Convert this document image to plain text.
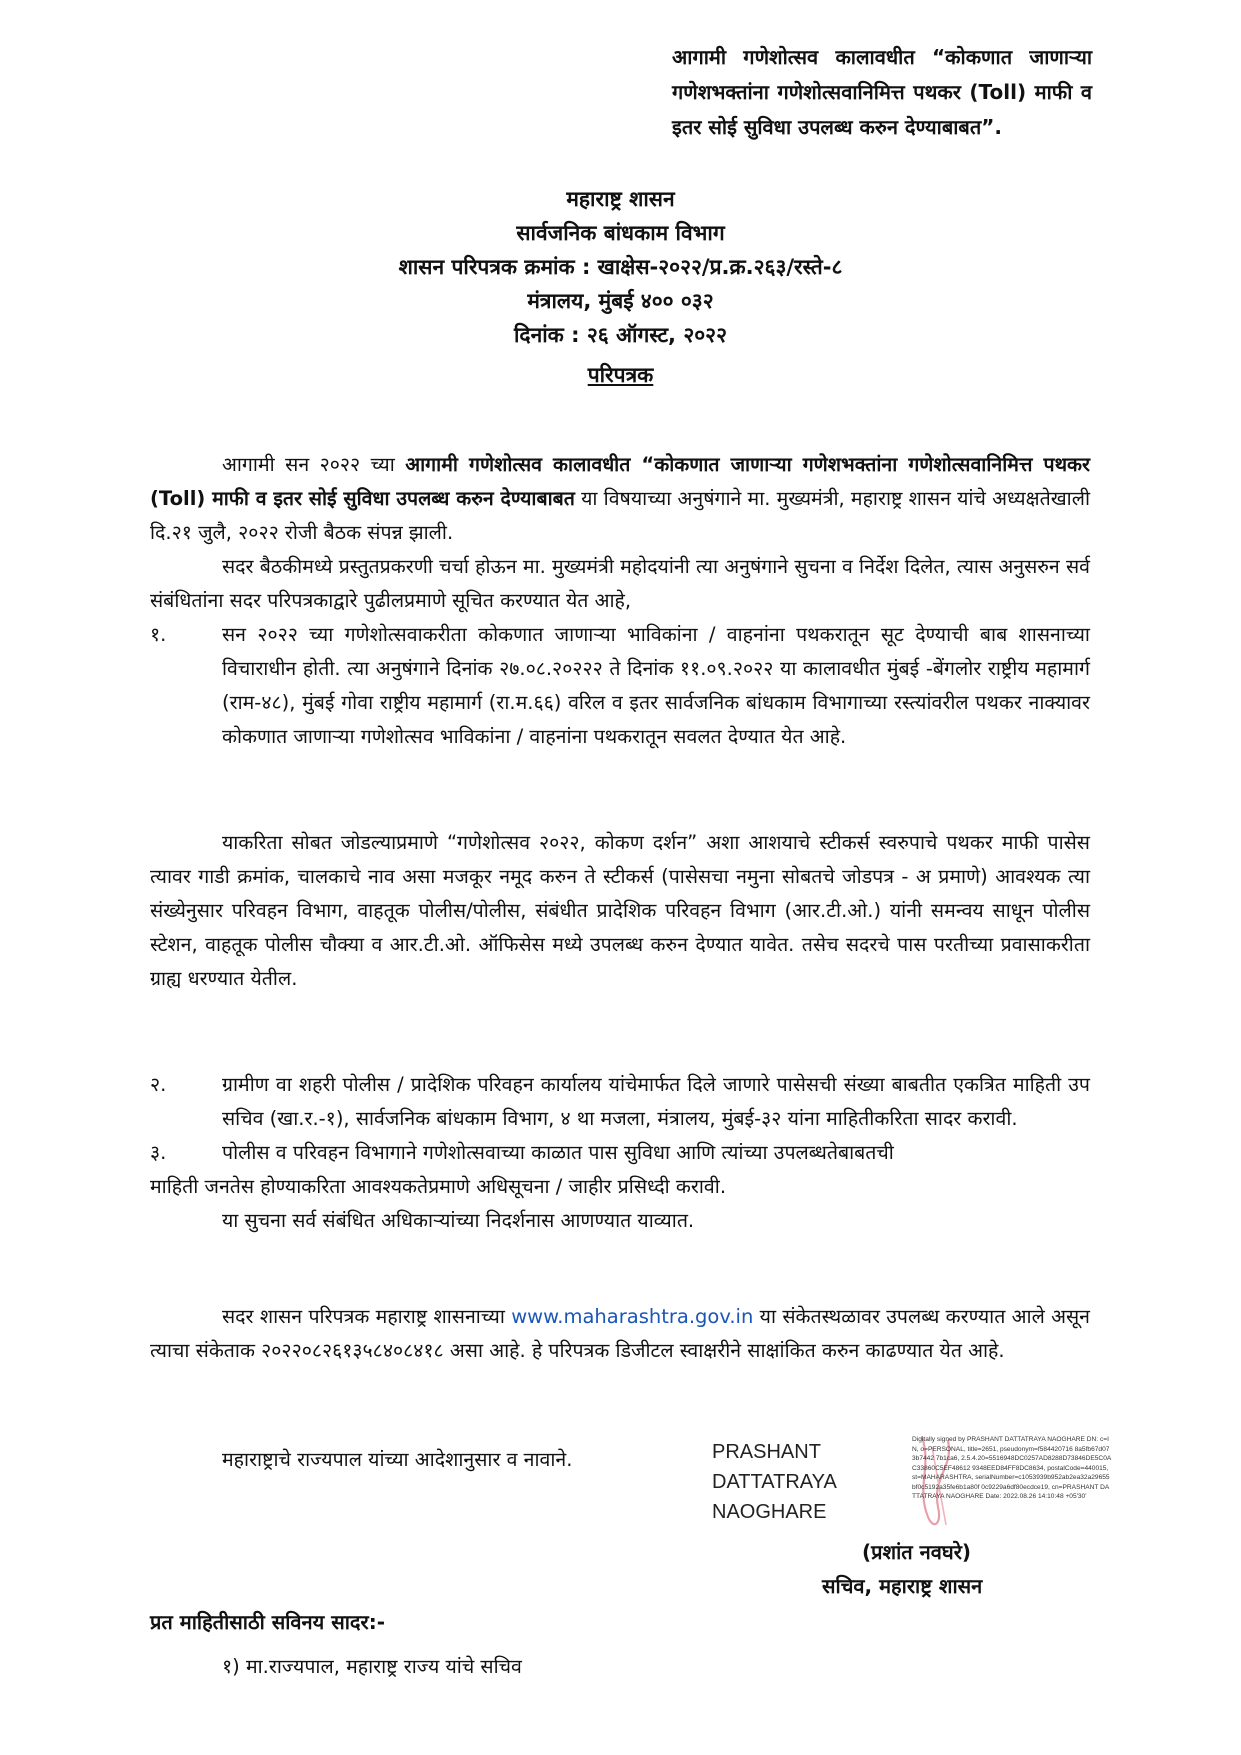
आगामी गणेशोत्सव कालावधीत “कोकणात जाणाऱ्या गणेशभक्तांना गणेशोत्सवानिमित्त पथकर (Toll) माफी व इतर सोई सुविधा उपलब्ध करुन देण्याबाबत”.
महाराष्ट्र शासन
सार्वजनिक बांधकाम विभाग
शासन परिपत्रक क्रमांक : खाक्षेस-२०२२/प्र.क्र.२६३/रस्ते-८
मंत्रालय, मुंबई ४०० ०३२
दिनांक : २६ ऑगस्ट, २०२२
परिपत्रक

आगामी सन २०२२ च्या आगामी गणेशोत्सव कालावधीत “कोकणात जाणाऱ्या गणेशभक्तांना गणेशोत्सवानिमित्त पथकर (Toll) माफी व इतर सोई सुविधा उपलब्ध करुन देण्याबाबत या विषयाच्या अनुषंगाने मा. मुख्यमंत्री, महाराष्ट्र शासन यांचे अध्यक्षतेखाली दि.२१ जुलै, २०२२ रोजी बैठक संपन्न झाली.

सदर बैठकीमध्ये प्रस्तुतप्रकरणी चर्चा होऊन मा. मुख्यमंत्री महोदयांनी त्या अनुषंगाने सुचना व निर्देश दिलेत, त्यास अनुसरुन सर्व संबंधितांना सदर परिपत्रकाद्वारे पुढीलप्रमाणे सूचित करण्यात येत आहे,

१.	सन २०२२ च्या गणेशोत्सवाकरीता कोकणात जाणाऱ्या भाविकांना / वाहनांना पथकरातून सूट देण्याची बाब शासनाच्या विचाराधीन होती. त्या अनुषंगाने दिनांक २७.०८.२०२२२ ते दिनांक ११.०९.२०२२ या कालावधीत मुंबई -बेंगलोर राष्ट्रीय महामार्ग (राम-४८), मुंबई गोवा राष्ट्रीय महामार्ग (रा.म.६६) वरिल व इतर सार्वजनिक बांधकाम विभागाच्या रस्त्यांवरील पथकर नाक्यावर कोकणात जाणाऱ्या गणेशोत्सव भाविकांना / वाहनांना पथकरातून सवलत देण्यात येत आहे.

याकरिता सोबत जोडल्याप्रमाणे “गणेशोत्सव २०२२, कोकण दर्शन” अशा आशयाचे स्टीकर्स स्वरुपाचे पथकर माफी पासेस त्यावर गाडी क्रमांक, चालकाचे नाव असा मजकूर नमूद करुन ते स्टीकर्स (पासेसचा नमुना सोबतचे जोडपत्र - अ प्रमाणे) आवश्यक त्या संख्येनुसार परिवहन विभाग, वाहतूक पोलीस/पोलीस, संबंधीत प्रादेशिक परिवहन विभाग (आर.टी.ओ.) यांनी समन्वय साधून पोलीस स्टेशन, वाहतूक पोलीस चौक्या व आर.टी.ओ. ऑफिसेस मध्ये उपलब्ध करुन देण्यात यावेत. तसेच सदरचे पास परतीच्या प्रवासाकरीता ग्राह्य धरण्यात येतील.

२.	ग्रामीण वा शहरी पोलीस / प्रादेशिक परिवहन कार्यालय यांचेमार्फत दिले जाणारे पासेसची संख्या बाबतीत एकत्रित माहिती उप सचिव (खा.र.-१), सार्वजनिक बांधकाम विभाग, ४ था मजला, मंत्रालय, मुंबई-३२ यांना माहितीकरिता सादर करावी.
३.	पोलीस व परिवहन विभागाने गणेशोत्सवाच्या काळात पास सुविधा आणि त्यांच्या उपलब्धतेबाबतची

माहिती जनतेस होण्याकरिता आवश्यकतेप्रमाणे अधिसूचना / जाहीर प्रसिध्दी करावी.

या सुचना सर्व संबंधित अधिकाऱ्यांच्या निदर्शनास आणण्यात याव्यात.

सदर शासन परिपत्रक महाराष्ट्र शासनाच्या www.maharashtra.gov.in या संकेतस्थळावर उपलब्ध करण्यात आले असून त्याचा संकेताक २०२२०८२६१३५८४०८४१८ असा आहे. हे परिपत्रक डिजीटल स्वाक्षरीने साक्षांकित करुन काढण्यात येत आहे.

महाराष्ट्राचे राज्यपाल यांच्या आदेशानुसार व नावाने.	PRASHANT
DATTATRAYA
NAOGHARE
Digitally signed by PRASHANT DATTATRAYA NAOGHARE DN: c=IN, o=PERSONAL, title=2651, pseudonym=f584420716 8a5fb67d073b7442 7b1ca6, 2.5.4.20=5516948DC0257AD8288D73846DE5C0AC33860C5EF48612 9348EED84FF8DC8634, postalCode=440015, st=MAHARASHTRA, serialNumber=c1053939b952ab2ea32a29655bf0c5192a35fe6b1a80f 0c9229a6df80ecdce19, cn=PRASHANT DATTATRAYA NAOGHARE Date: 2022.08.26 14:10:48 +05'30'
(प्रशांत नवघरे)
सचिव, महाराष्ट्र शासन
प्रत माहितीसाठी सविनय सादर:-
१) मा.राज्यपाल, महाराष्ट्र राज्य यांचे सचिव
